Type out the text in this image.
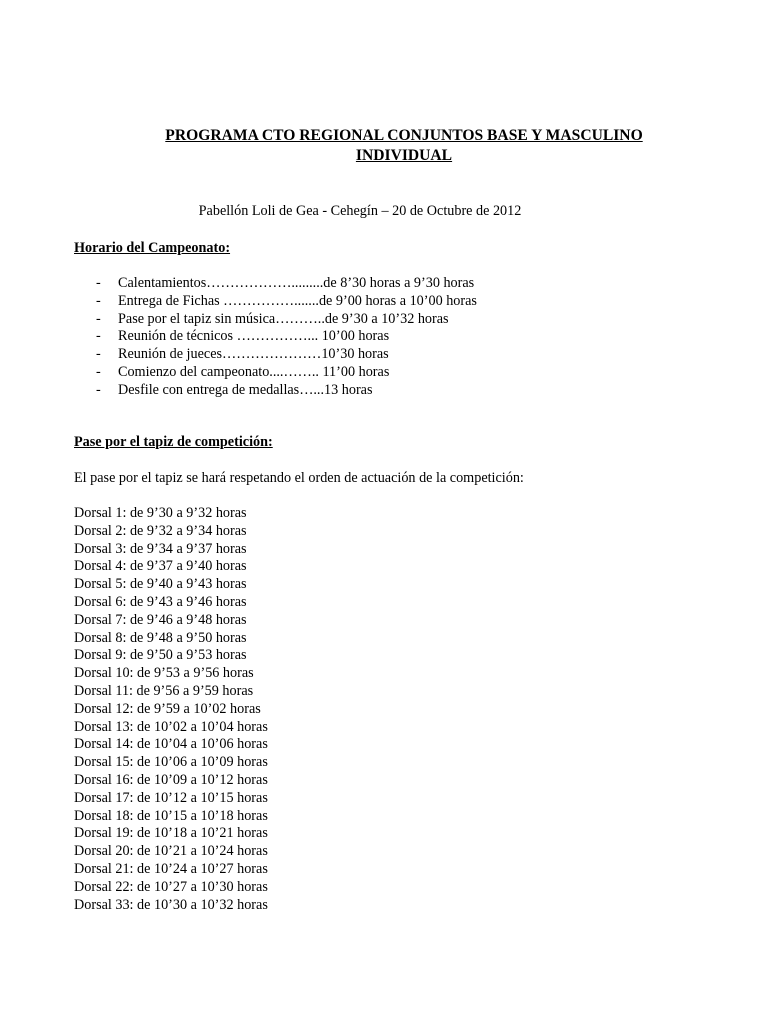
PROGRAMA CTO REGIONAL CONJUNTOS BASE Y MASCULINO
INDIVIDUAL
Pabellón Loli de Gea - Cehegín – 20 de Octubre de 2012
Horario del Campeonato:
-	Calentamientos……………….........de 8’30 horas a 9’30 horas
-	Entrega de Fichas …………….......de 9’00 horas a 10’00 horas
-	Pase por el tapiz sin música………..de 9’30 a 10’32 horas
-	Reunión de técnicos ……………... 10’00 horas
-	Reunión de jueces…………………10’30 horas
-	Comienzo del campeonato....…….. 11’00 horas
-	Desfile con entrega de medallas…...13 horas
Pase por el tapiz de competición:
El pase por el tapiz se hará respetando el orden de actuación de la competición:
Dorsal 1: de 9’30 a 9’32 horas
Dorsal 2: de 9’32 a 9’34 horas
Dorsal 3: de 9’34 a 9’37 horas
Dorsal 4: de 9’37 a 9’40 horas
Dorsal 5: de 9’40 a 9’43 horas
Dorsal 6: de 9’43 a 9’46 horas
Dorsal 7: de 9’46 a 9’48 horas
Dorsal 8: de 9’48 a 9’50 horas
Dorsal 9: de 9’50 a 9’53 horas
Dorsal 10: de 9’53 a 9’56 horas
Dorsal 11: de 9’56 a 9’59 horas
Dorsal 12: de 9’59 a 10’02 horas
Dorsal 13: de 10’02 a 10’04 horas
Dorsal 14: de 10’04 a 10’06 horas
Dorsal 15: de 10’06 a 10’09 horas
Dorsal 16: de 10’09 a 10’12 horas
Dorsal 17: de 10’12 a 10’15 horas
Dorsal 18: de 10’15 a 10’18 horas
Dorsal 19: de 10’18 a 10’21 horas
Dorsal 20: de 10’21 a 10’24 horas
Dorsal 21: de 10’24 a 10’27 horas
Dorsal 22: de 10’27 a 10’30 horas
Dorsal 33: de 10’30 a 10’32 horas
